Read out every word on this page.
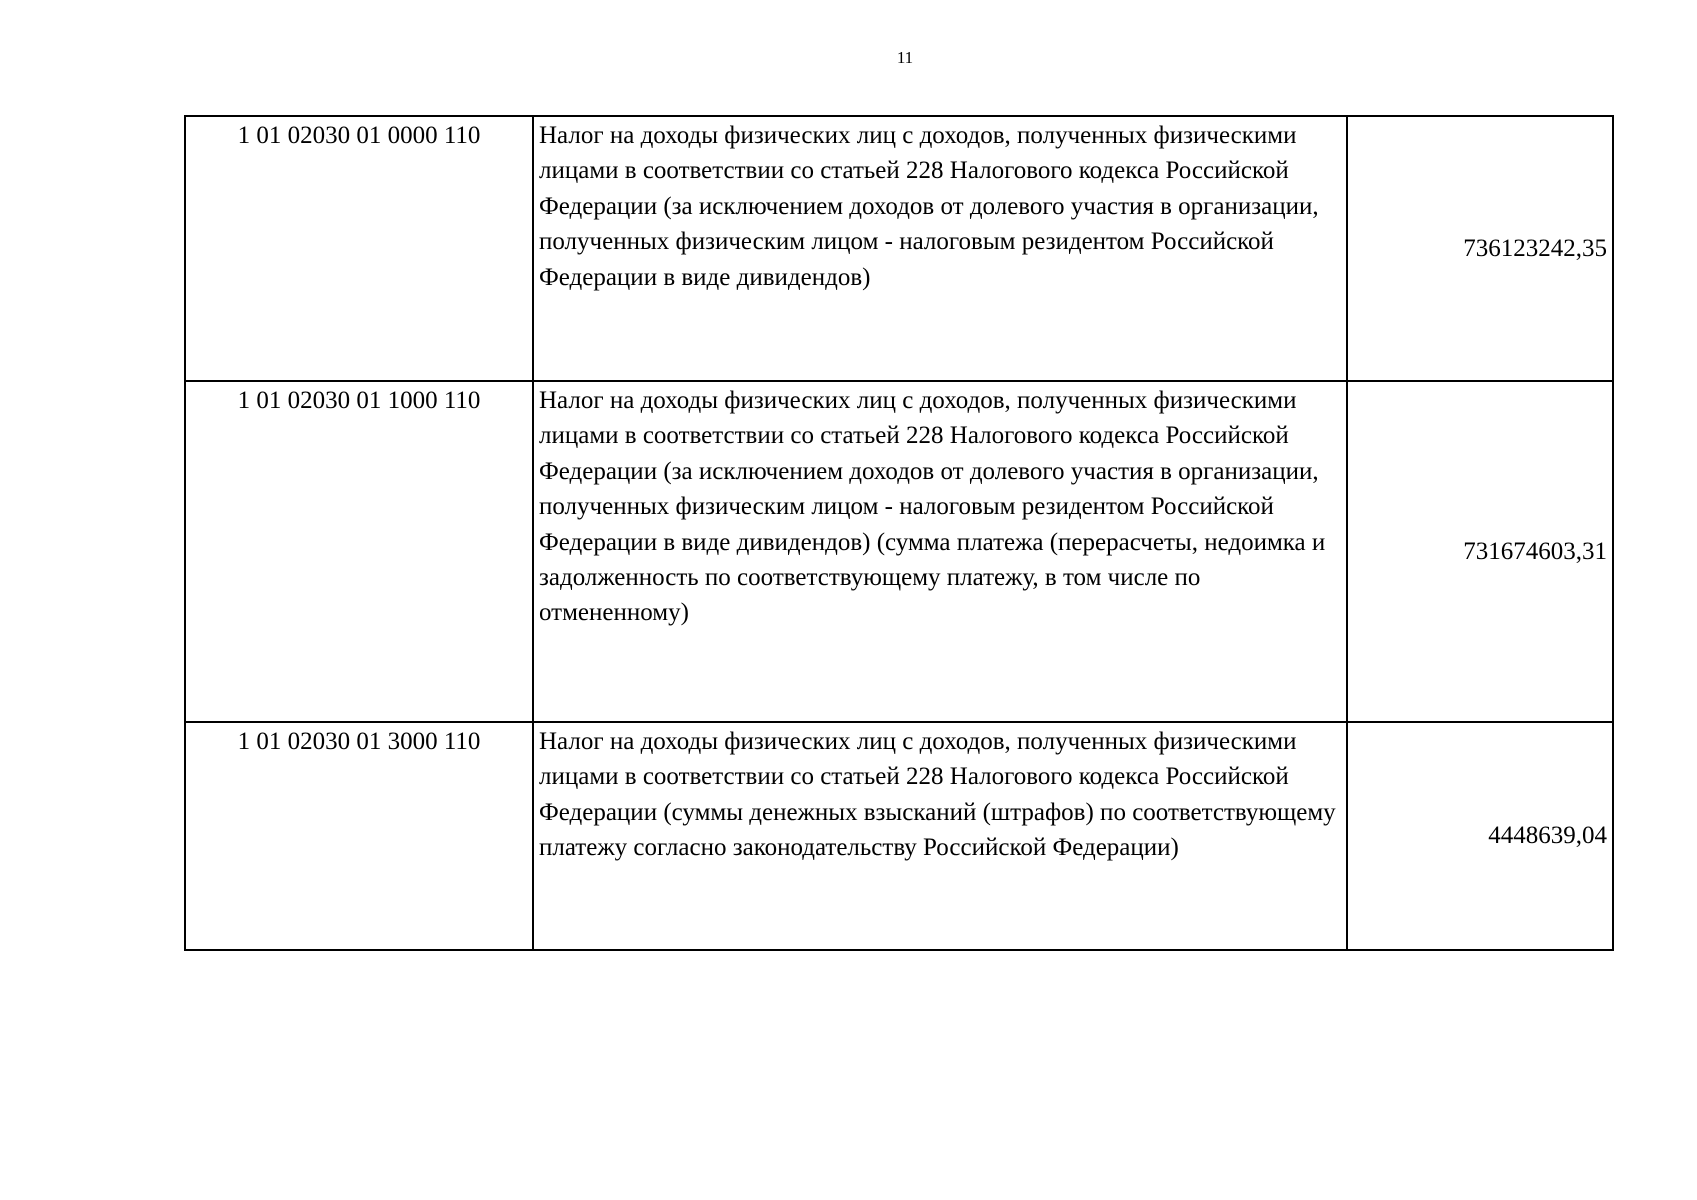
11
1 01 02030 01 0000 110	Налог на доходы физических лиц с доходов, полученных физическими лицами в соответствии со статьей 228 Налогового кодекса Российской Федерации (за исключением доходов от долевого участия в организации, полученных физическим лицом - налоговым резидентом Российской Федерации в виде дивидендов)	736123242,35
1 01 02030 01 1000 110	Налог на доходы физических лиц с доходов, полученных физическими лицами в соответствии со статьей 228 Налогового кодекса Российской Федерации (за исключением доходов от долевого участия в организации, полученных физическим лицом - налоговым резидентом Российской Федерации в виде дивидендов) (сумма платежа (перерасчеты, недоимка и задолженность по соответствующему платежу, в том числе по отмененному)	731674603,31
1 01 02030 01 3000 110	Налог на доходы физических лиц с доходов, полученных физическими лицами в соответствии со статьей 228 Налогового кодекса Российской Федерации (суммы денежных взысканий (штрафов) по соответствующему платежу согласно законодательству Российской Федерации)	4448639,04
